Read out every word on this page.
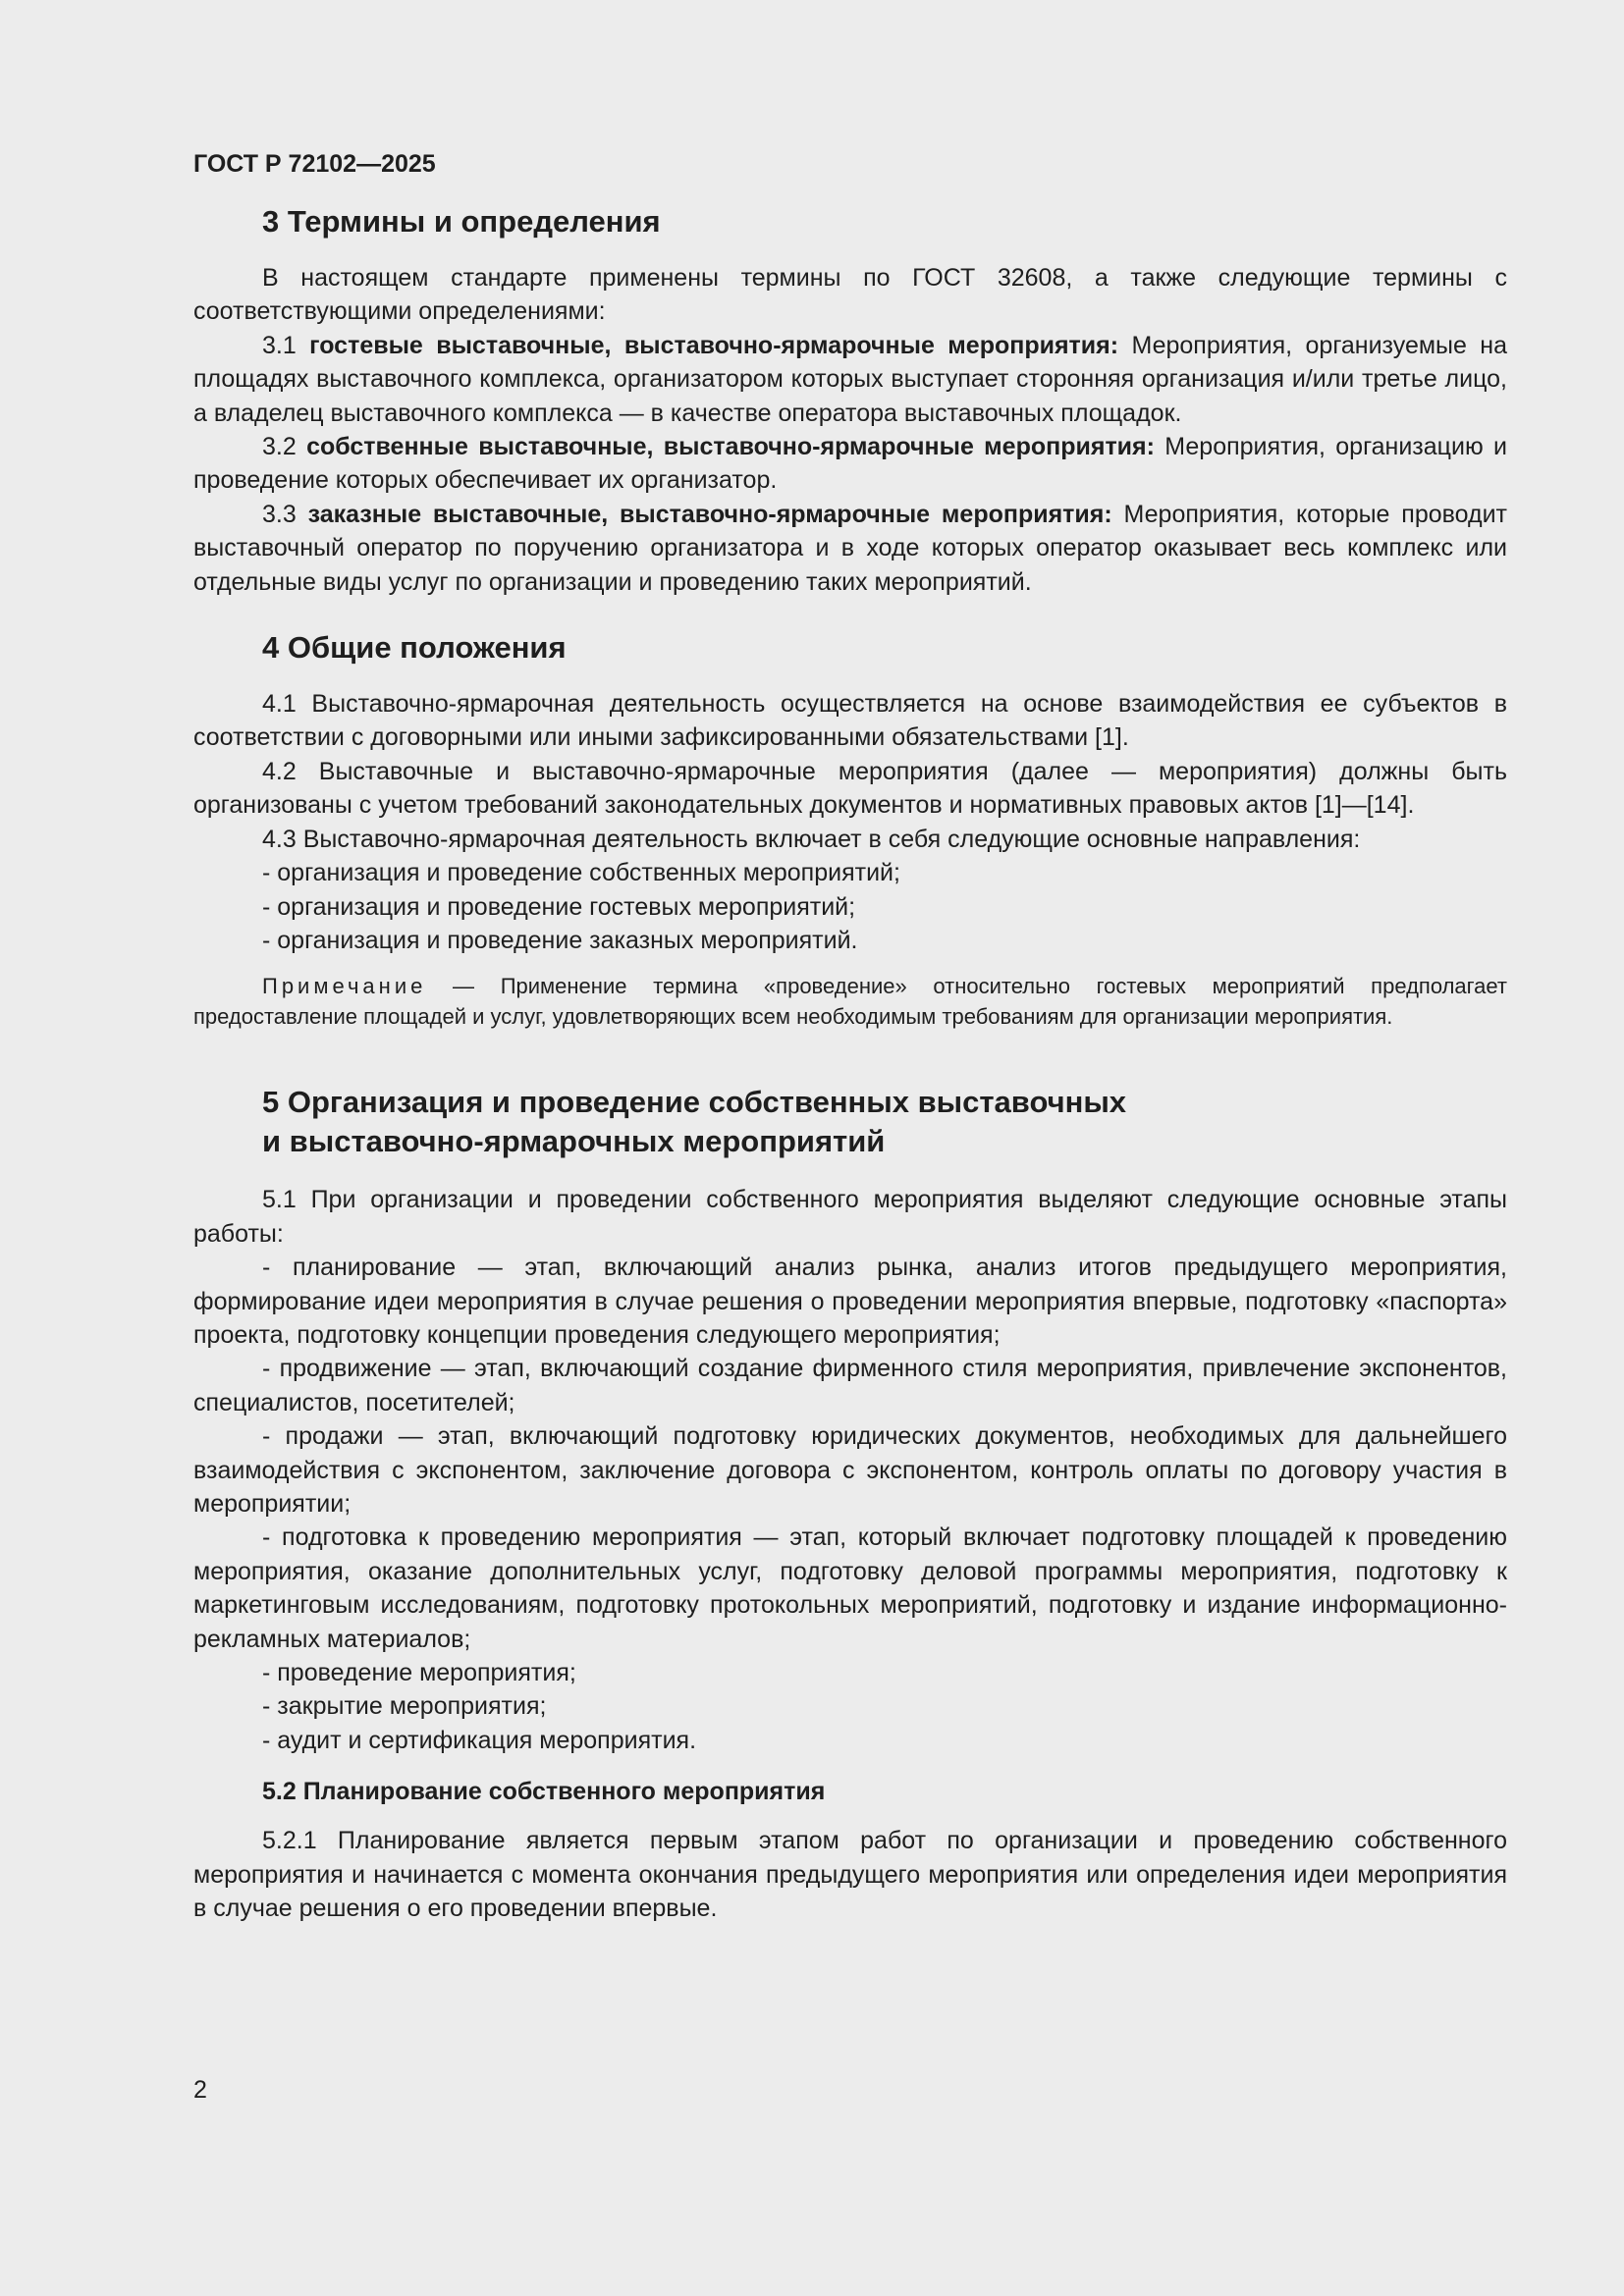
ГОСТ Р 72102—2025
3 Термины и определения

В настоящем стандарте применены термины по ГОСТ 32608, а также следующие термины с соответствующими определениями:

3.1 гостевые выставочные, выставочно-ярмарочные мероприятия: Мероприятия, организуемые на площадях выставочного комплекса, организатором которых выступает сторонняя организация и/или третье лицо, а владелец выставочного комплекса — в качестве оператора выставочных площадок.

3.2 собственные выставочные, выставочно-ярмарочные мероприятия: Мероприятия, организацию и проведение которых обеспечивает их организатор.

3.3 заказные выставочные, выставочно-ярмарочные мероприятия: Мероприятия, которые проводит выставочный оператор по поручению организатора и в ходе которых оператор оказывает весь комплекс или отдельные виды услуг по организации и проведению таких мероприятий.

4 Общие положения

4.1 Выставочно-ярмарочная деятельность осуществляется на основе взаимодействия ее субъектов в соответствии с договорными или иными зафиксированными обязательствами [1].

4.2 Выставочные и выставочно-ярмарочные мероприятия (далее — мероприятия) должны быть организованы с учетом требований законодательных документов и нормативных правовых актов [1]—[14].

4.3 Выставочно-ярмарочная деятельность включает в себя следующие основные направления:

- организация и проведение собственных мероприятий;

- организация и проведение гостевых мероприятий;

- организация и проведение заказных мероприятий.

Примечание — Применение термина «проведение» относительно гостевых мероприятий предполагает предоставление площадей и услуг, удовлетворяющих всем необходимым требованиям для организации мероприятия.
5 Организация и проведение собственных выставочных
и выставочно-ярмарочных мероприятий

5.1 При организации и проведении собственного мероприятия выделяют следующие основные этапы работы:

- планирование — этап, включающий анализ рынка, анализ итогов предыдущего мероприятия, формирование идеи мероприятия в случае решения о проведении мероприятия впервые, подготовку «паспорта» проекта, подготовку концепции проведения следующего мероприятия;

- продвижение — этап, включающий создание фирменного стиля мероприятия, привлечение экспонентов, специалистов, посетителей;

- продажи — этап, включающий подготовку юридических документов, необходимых для дальнейшего взаимодействия с экспонентом, заключение договора с экспонентом, контроль оплаты по договору участия в мероприятии;

- подготовка к проведению мероприятия — этап, который включает подготовку площадей к проведению мероприятия, оказание дополнительных услуг, подготовку деловой программы мероприятия, подготовку к маркетинговым исследованиям, подготовку протокольных мероприятий, подготовку и издание информационно-рекламных материалов;

- проведение мероприятия;

- закрытие мероприятия;

- аудит и сертификация мероприятия.

5.2 Планирование собственного мероприятия

5.2.1 Планирование является первым этапом работ по организации и проведению собственного мероприятия и начинается с момента окончания предыдущего мероприятия или определения идеи мероприятия в случае решения о его проведении впервые.

2
